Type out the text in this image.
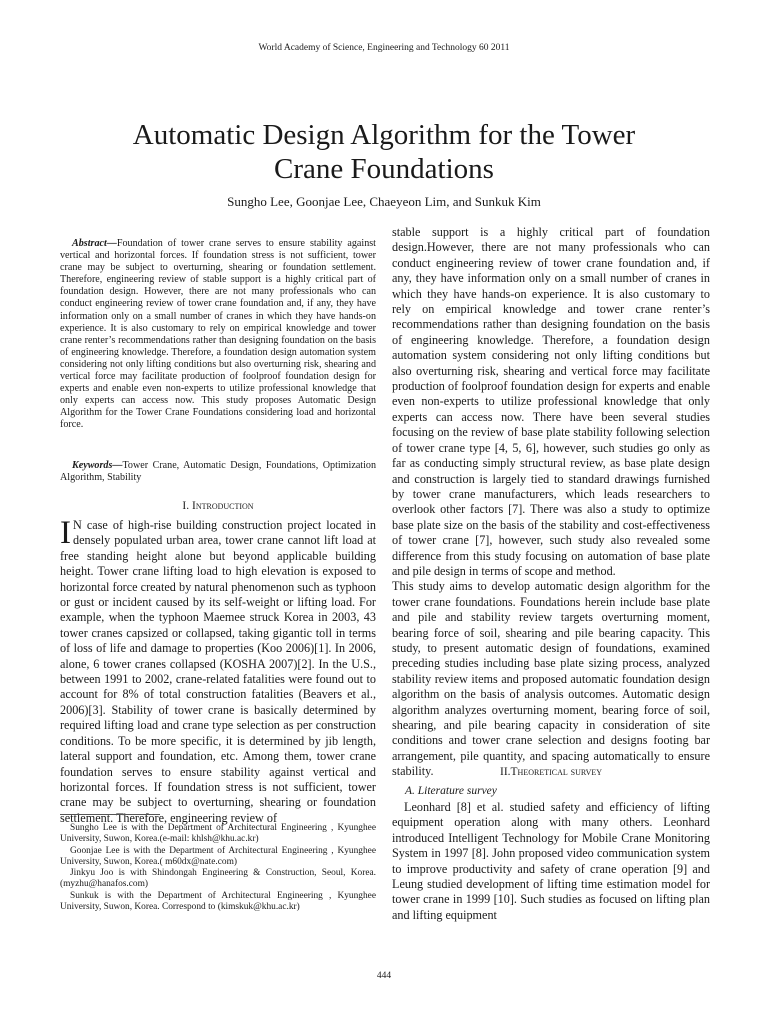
World Academy of Science, Engineering and Technology 60 2011
Automatic Design Algorithm for the Tower
Crane Foundations
Sungho Lee, Goonjae Lee, Chaeyeon Lim, and Sunkuk Kim

Abstract—Foundation of tower crane serves to ensure stability against vertical and horizontal forces. If foundation stress is not sufficient, tower crane may be subject to overturning, shearing or foundation settlement. Therefore, engineering review of stable support is a highly critical part of foundation design. However, there are not many professionals who can conduct engineering review of tower crane foundation and, if any, they have information only on a small number of cranes in which they have hands-on experience. It is also customary to rely on empirical knowledge and tower crane renter’s recommendations rather than designing foundation on the basis of engineering knowledge. Therefore, a foundation design automation system considering not only lifting conditions but also overturning risk, shearing and vertical force may facilitate production of foolproof foundation design for experts and enable even non-experts to utilize professional knowledge that only experts can access now. This study proposes Automatic Design Algorithm for the Tower Crane Foundations considering load and horizontal force.

Keywords—Tower Crane, Automatic Design, Foundations, Optimization Algorithm, Stability

I. Introduction

I N case of high-rise building construction project located in densely populated urban area, tower crane cannot lift load at free standing height alone but beyond applicable building height. Tower crane lifting load to high elevation is exposed to horizontal force created by natural phenomenon such as typhoon or gust or incident caused by its self-weight or lifting load. For example, when the typhoon Maemee struck Korea in 2003, 43 tower cranes capsized or collapsed, taking gigantic toll in terms of loss of life and damage to properties (Koo 2006)[1]. In 2006, alone, 6 tower cranes collapsed (KOSHA 2007)[2]. In the U.S., between 1991 to 2002, crane-related fatalities were found out to account for 8% of total construction fatalities (Beavers et al., 2006)[3]. Stability of tower crane is basically determined by required lifting load and crane type selection as per construction conditions. To be more specific, it is determined by jib length, lateral support and foundation, etc. Among them, tower crane foundation serves to ensure stability against vertical and horizontal forces. If foundation stress is not sufficient, tower crane may be subject to overturning, shearing or foundation settlement. Therefore, engineering review of

Sungho Lee is with the Department of Architectural Engineering , Kyunghee University, Suwon, Korea.(e-mail: khlsh@khu.ac.kr)

Goonjae Lee is with the Department of Architectural Engineering , Kyunghee University, Suwon, Korea.( m60dx@nate.com)

Jinkyu Joo is with Shindongah Engineering & Construction, Seoul, Korea. (myzhu@hanafos.com)

Sunkuk is with the Department of Architectural Engineering , Kyunghee University, Suwon, Korea. Correspond to (kimskuk@khu.ac.kr)

stable support is a highly critical part of foundation design.However, there are not many professionals who can conduct engineering review of tower crane foundation and, if any, they have information only on a small number of cranes in which they have hands-on experience. It is also customary to rely on empirical knowledge and tower crane renter’s recommendations rather than designing foundation on the basis of engineering knowledge. Therefore, a foundation design automation system considering not only lifting conditions but also overturning risk, shearing and vertical force may facilitate production of foolproof foundation design for experts and enable even non-experts to utilize professional knowledge that only experts can access now. There have been several studies focusing on the review of base plate stability following selection of tower crane type [4, 5, 6], however, such studies go only as far as conducting simply structural review, as base plate design and construction is largely tied to standard drawings furnished by tower crane manufacturers, which leads researchers to overlook other factors [7]. There was also a study to optimize base plate size on the basis of the stability and cost-effectiveness of tower crane [7], however, such study also revealed some difference from this study focusing on automation of base plate and pile design in terms of scope and method.

This study aims to develop automatic design algorithm for the tower crane foundations. Foundations herein include base plate and pile and stability review targets overturning moment, bearing force of soil, shearing and pile bearing capacity. This study, to present automatic design of foundations, examined preceding studies including base plate sizing process, analyzed stability review items and proposed automatic foundation design algorithm on the basis of analysis outcomes. Automatic design algorithm analyzes overturning moment, bearing force of soil, shearing, and pile bearing capacity in consideration of site conditions and tower crane selection and designs footing bar arrangement, pile quantity, and spacing automatically to ensure stability.	II.Theoretical survey
A. Literature survey

Leonhard [8] et al. studied safety and efficiency of lifting equipment operation along with many others. Leonhard introduced Intelligent Technology for Mobile Crane Monitoring System in 1997 [8]. John proposed video communication system to improve productivity and safety of crane operation [9] and Leung studied development of lifting time estimation model for tower crane in 1999 [10]. Such studies as focused on lifting plan and lifting equipment

444
